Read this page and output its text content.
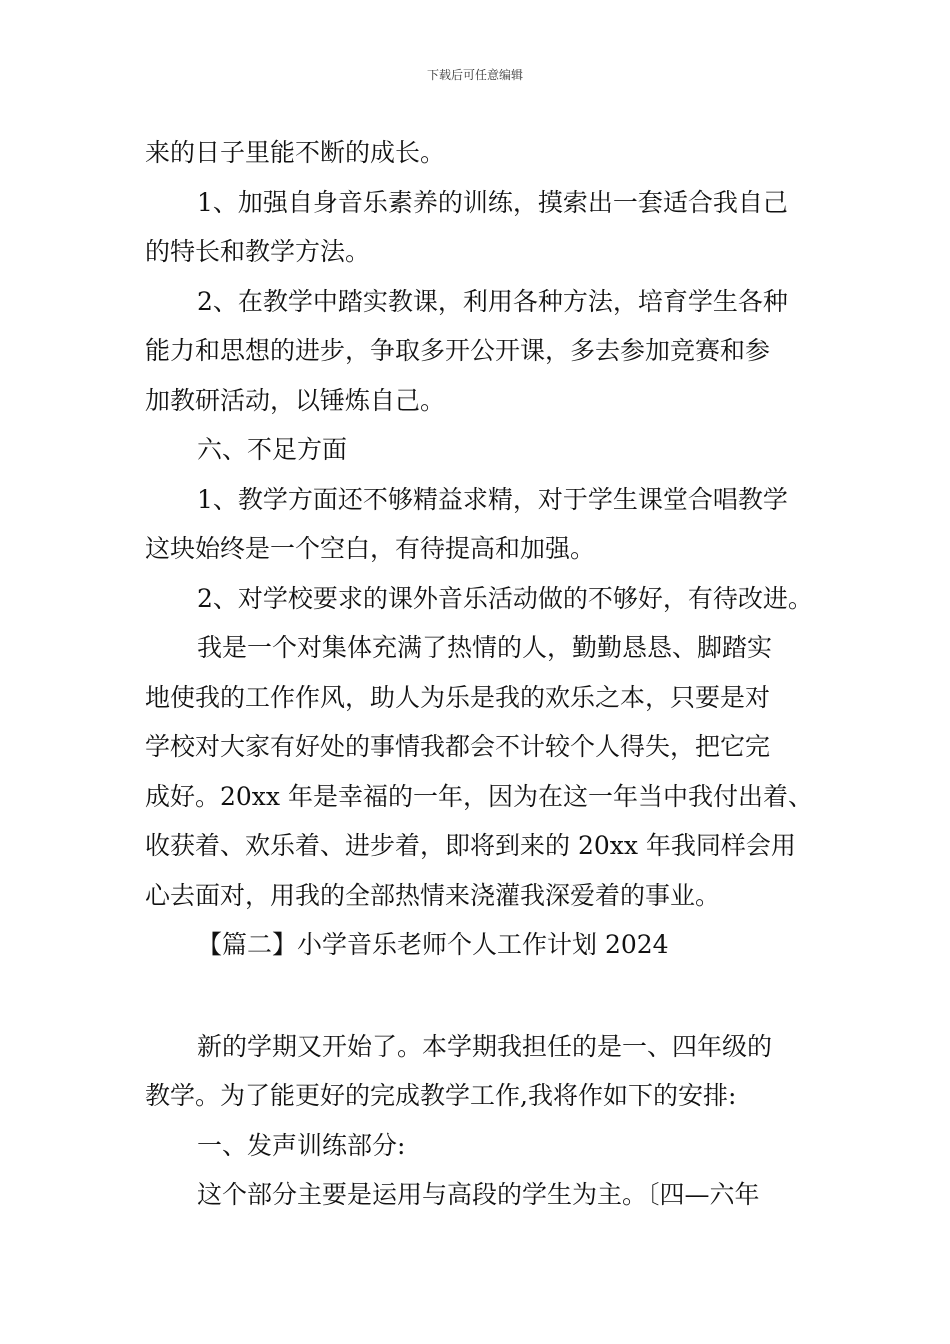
下载后可任意编辑
来的日子里能不断的成长。
1、加强自身音乐素养的训练，摸索出一套适合我自己
的特长和教学方法。
2、在教学中踏实教课，利用各种方法，培育学生各种
能力和思想的进步，争取多开公开课，多去参加竞赛和参
加教研活动，以锤炼自己。
六、不足方面
1、教学方面还不够精益求精，对于学生课堂合唱教学
这块始终是一个空白，有待提高和加强。
2、对学校要求的课外音乐活动做的不够好，有待改进。
我是一个对集体充满了热情的人，勤勤恳恳、脚踏实
地使我的工作作风，助人为乐是我的欢乐之本，只要是对
学校对大家有好处的事情我都会不计较个人得失，把它完
成好。20xx 年是幸福的一年，因为在这一年当中我付出着、
收获着、欢乐着、进步着，即将到来的 20xx 年我同样会用
心去面对，用我的全部热情来浇灌我深爱着的事业。
【篇二】小学音乐老师个人工作计划 2024
新的学期又开始了。本学期我担任的是一、四年级的
教学。为了能更好的完成教学工作,我将作如下的安排:
一、发声训练部分:
这个部分主要是运用与高段的学生为主。〔四—六年
